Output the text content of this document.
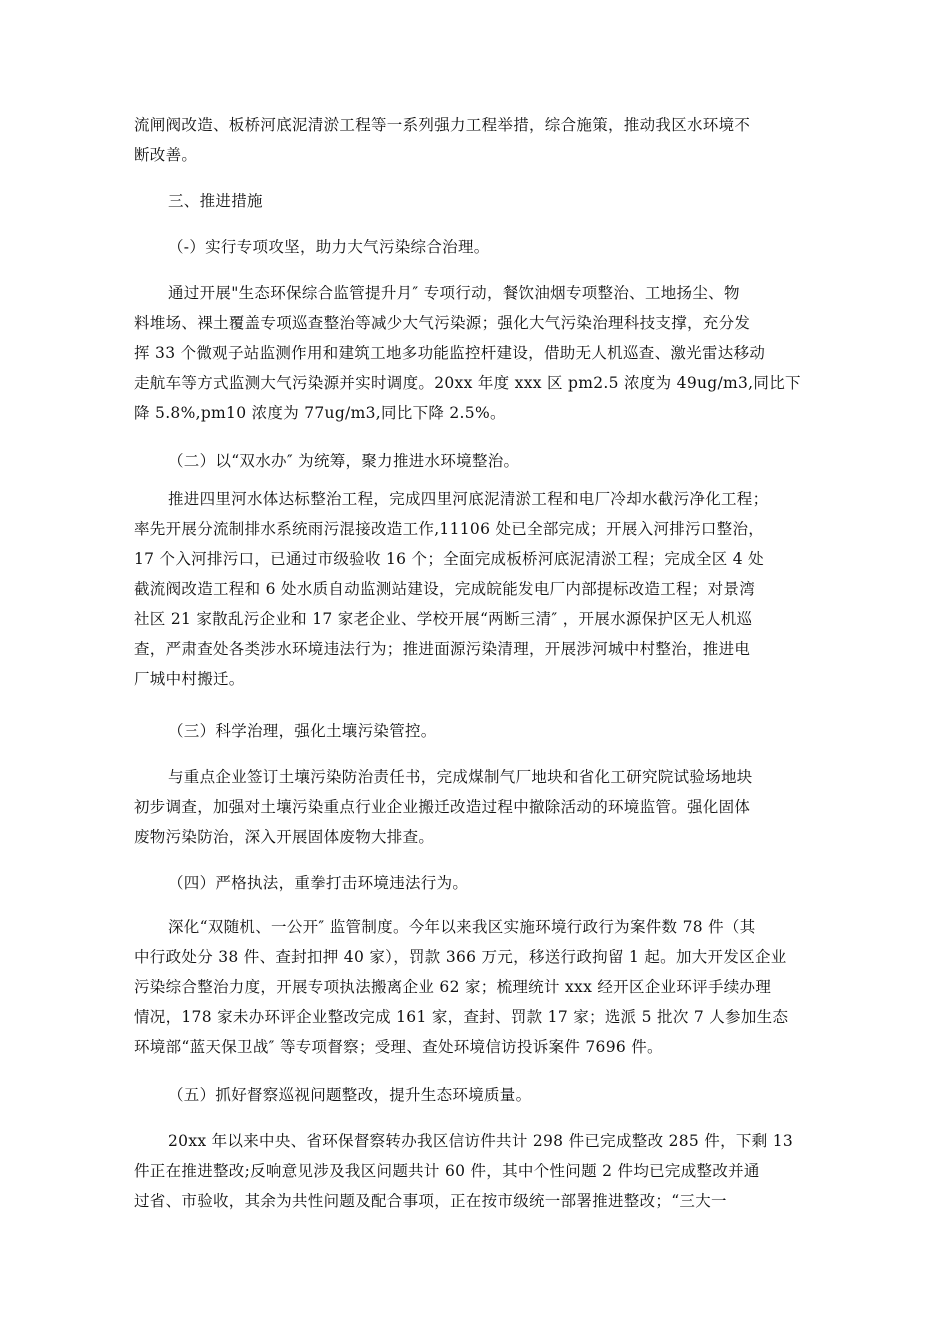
流闸阀改造、板桥河底泥清淤工程等一系列强力工程举措，综合施策，推动我区水环境不
断改善。

三、推进措施

（-）实行专项攻坚，助力大气污染综合治理。

通过开展"生态环保综合监管提升月″ 专项行动，餐饮油烟专项整治、工地扬尘、物
料堆场、裸土覆盖专项巡查整治等减少大气污染源；强化大气污染治理科技支撑，充分发
挥 33 个微观子站监测作用和建筑工地多功能监控杆建设，借助无人机巡查、激光雷达移动
走航车等方式监测大气污染源并实时调度。20xx 年度 xxx 区 pm2.5 浓度为 49ug/m3,同比下
降 5.8%,pm10 浓度为 77ug/m3,同比下降 2.5%。

（二）以“双水办″ 为统筹，聚力推进水环境整治。

推进四里河水体达标整治工程，完成四里河底泥清淤工程和电厂冷却水截污净化工程；
率先开展分流制排水系统雨污混接改造工作,11106 处已全部完成；开展入河排污口整治，
17 个入河排污口，已通过市级验收 16 个；全面完成板桥河底泥清淤工程；完成全区 4 处
截流阀改造工程和 6 处水质自动监测站建设，完成皖能发电厂内部提标改造工程；对景湾
社区 21 家散乱污企业和 17 家老企业、学校开展“两断三清″ ，开展水源保护区无人机巡
查，严肃查处各类涉水环境违法行为；推进面源污染清理，开展涉河城中村整治，推进电
厂城中村搬迁。

（三）科学治理，强化土壤污染管控。

与重点企业签订土壤污染防治责任书，完成煤制气厂地块和省化工研究院试验场地块
初步调查，加强对土壤污染重点行业企业搬迁改造过程中撤除活动的环境监管。强化固体
废物污染防治，深入开展固体废物大排查。

（四）严格执法，重拳打击环境违法行为。

深化“双随机、一公开″ 监管制度。今年以来我区实施环境行政行为案件数 78 件（其
中行政处分 38 件、查封扣押 40 家），罚款 366 万元，移送行政拘留 1 起。加大开发区企业
污染综合整治力度，开展专项执法搬离企业 62 家；梳理统计 xxx 经开区企业环评手续办理
情况，178 家未办环评企业整改完成 161 家，查封、罚款 17 家；选派 5 批次 7 人参加生态
环境部“蓝天保卫战″ 等专项督察；受理、查处环境信访投诉案件 7696 件。

（五）抓好督察巡视问题整改，提升生态环境质量。

20xx 年以来中央、省环保督察转办我区信访件共计 298 件已完成整改 285 件，下剩 13
件正在推进整改;反响意见涉及我区问题共计 60 件，其中个性问题 2 件均已完成整改并通
过省、市验收，其余为共性问题及配合事项，正在按市级统一部署推进整改；“三大一
